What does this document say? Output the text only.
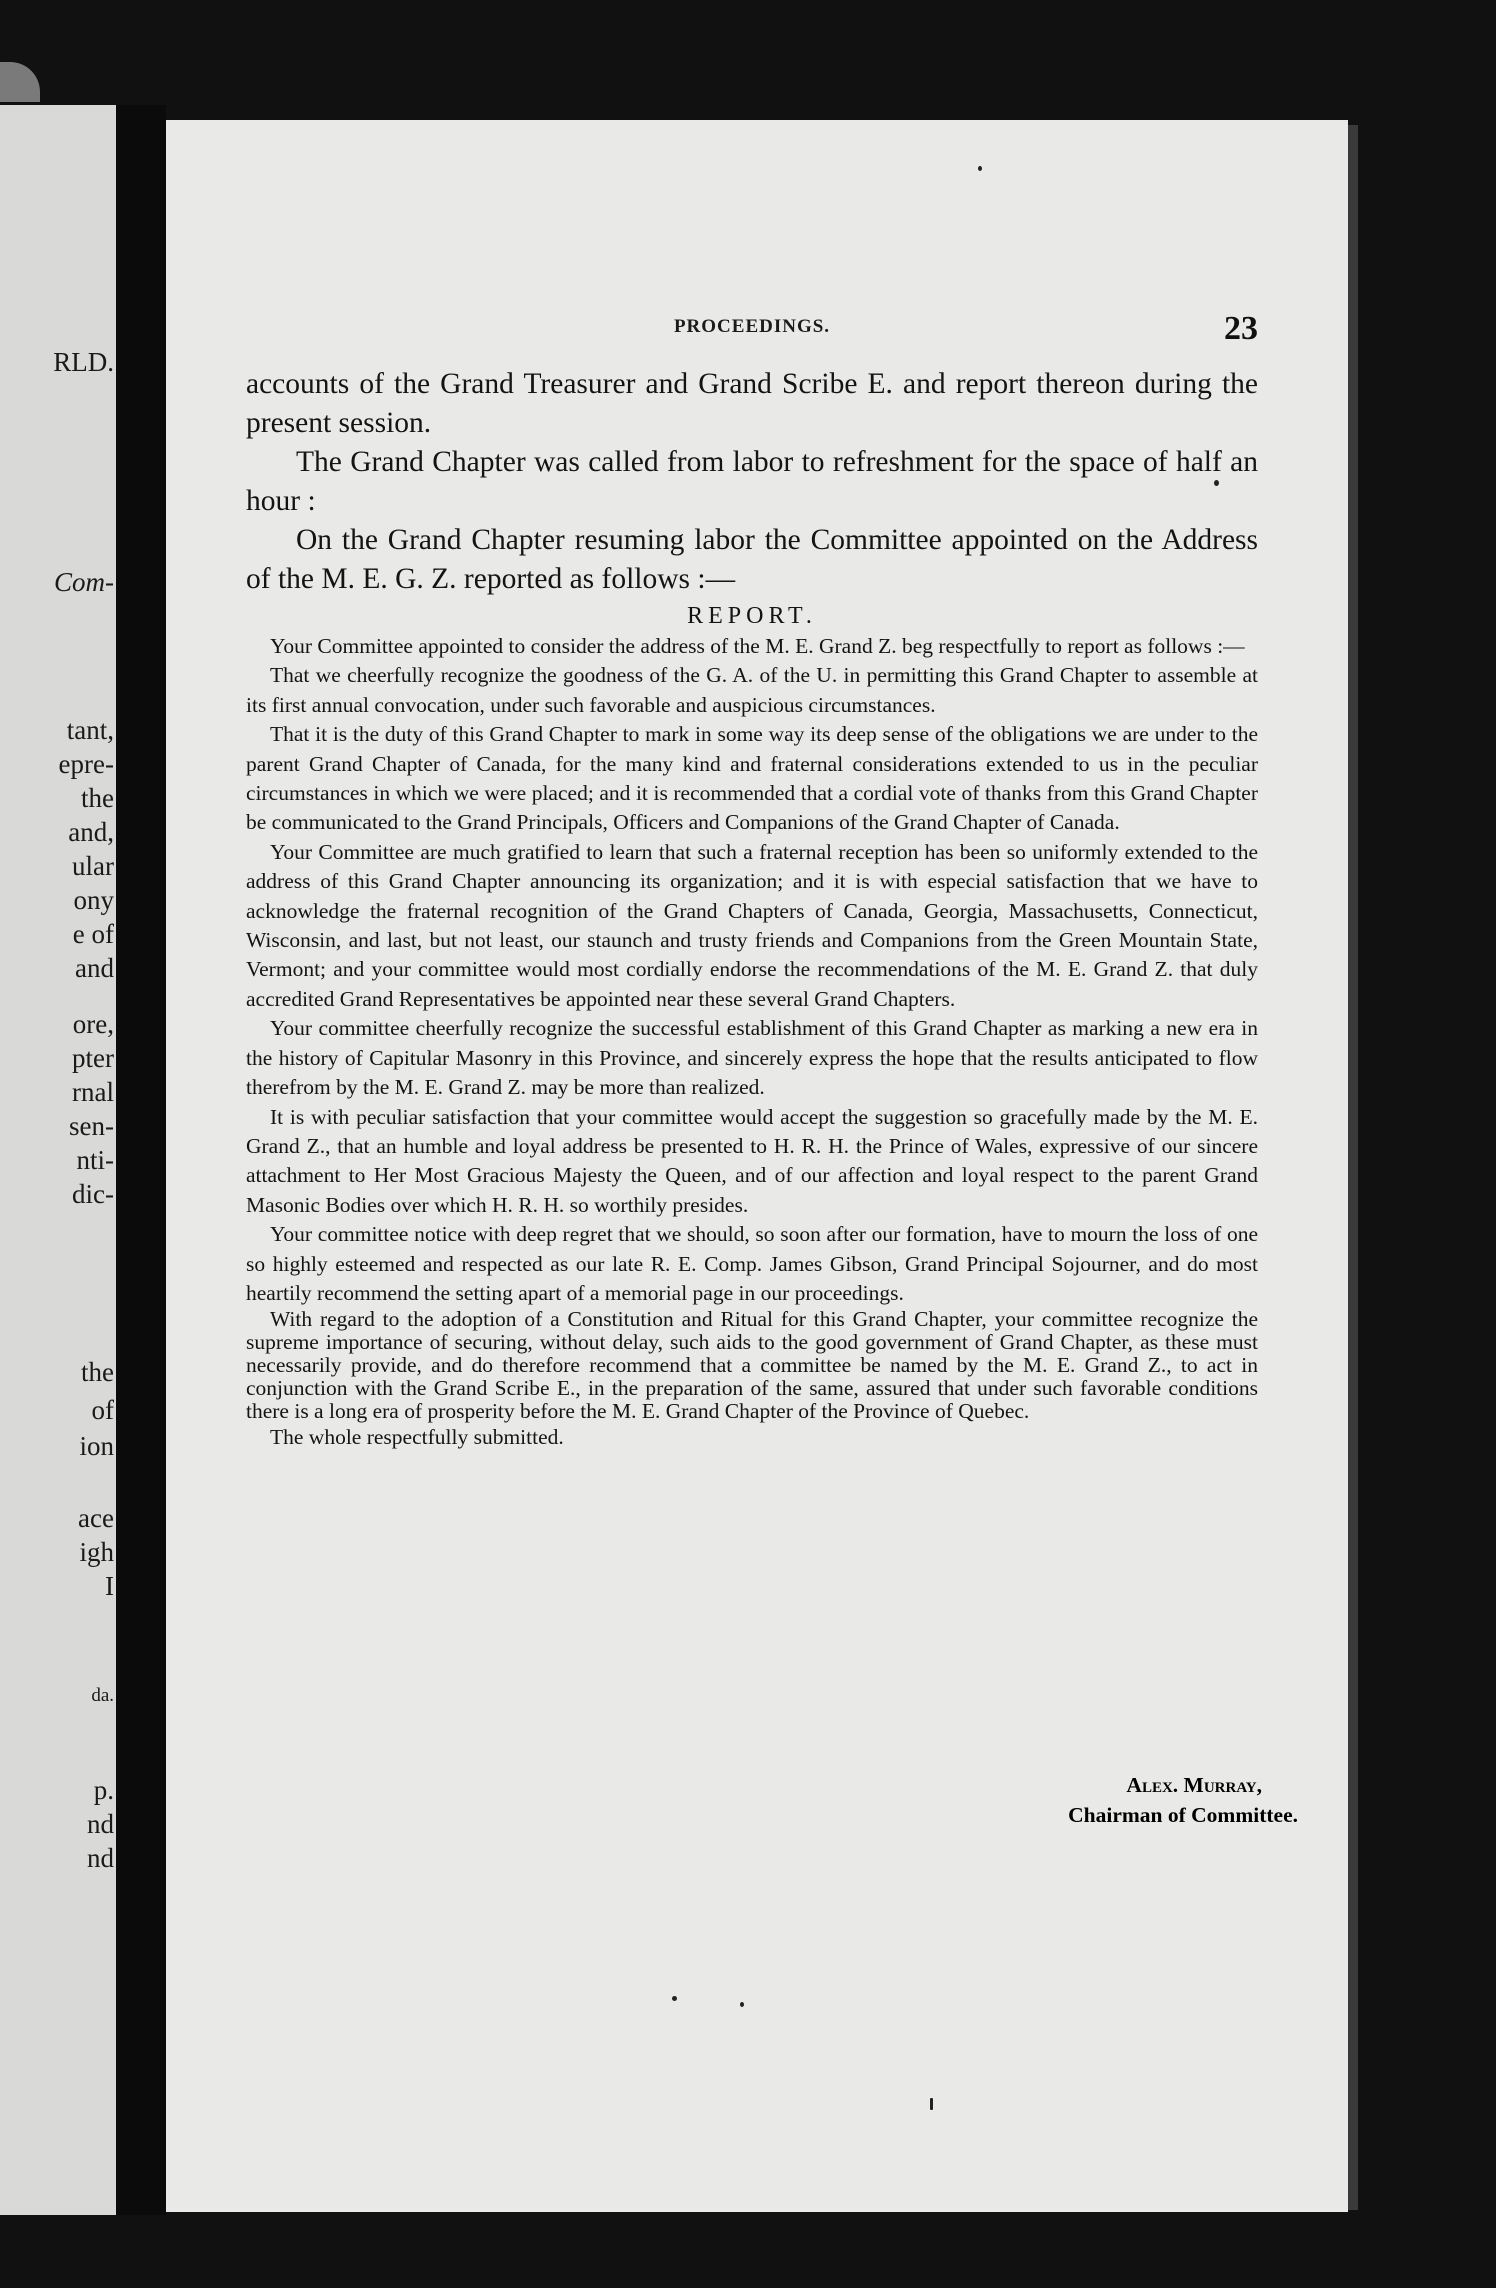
RLD.
Com-
tant,
epre-
the
and,
ular
ony
e of
and
ore,
pter
rnal
sen-
nti-
dic-
the
of
ion
ace
igh
I
da.
p.
nd
nd
PROCEEDINGS.	23

accounts of the Grand Treasurer and Grand Scribe E. and report thereon during the present session.

The Grand Chapter was called from labor to refreshment for the space of half an hour :

On the Grand Chapter resuming labor the Committee appointed on the Address of the M. E. G. Z. reported as follows :—

REPORT.

Your Committee appointed to consider the address of the M. E. Grand Z. beg respectfully to report as follows :—

That we cheerfully recognize the goodness of the G. A. of the U. in permitting this Grand Chapter to assemble at its first annual convocation, under such favorable and auspicious circumstances.

That it is the duty of this Grand Chapter to mark in some way its deep sense of the obligations we are under to the parent Grand Chapter of Canada, for the many kind and fraternal considerations extended to us in the peculiar circumstances in which we were placed; and it is recommended that a cordial vote of thanks from this Grand Chapter be communicated to the Grand Principals, Officers and Companions of the Grand Chapter of Canada.

Your Committee are much gratified to learn that such a fraternal reception has been so uniformly extended to the address of this Grand Chapter announcing its organization; and it is with especial satisfaction that we have to acknowledge the fraternal recognition of the Grand Chapters of Canada, Georgia, Massachusetts, Connecticut, Wisconsin, and last, but not least, our staunch and trusty friends and Companions from the Green Mountain State, Vermont; and your committee would most cordially endorse the recommendations of the M. E. Grand Z. that duly accredited Grand Representatives be appointed near these several Grand Chapters.

Your committee cheerfully recognize the successful establishment of this Grand Chapter as marking a new era in the history of Capitular Masonry in this Province, and sincerely express the hope that the results anticipated to flow therefrom by the M. E. Grand Z. may be more than realized.

It is with peculiar satisfaction that your committee would accept the suggestion so gracefully made by the M. E. Grand Z., that an humble and loyal address be presented to H. R. H. the Prince of Wales, expressive of our sincere attachment to Her Most Gracious Majesty the Queen, and of our affection and loyal respect to the parent Grand Masonic Bodies over which H. R. H. so worthily presides.

Your committee notice with deep regret that we should, so soon after our formation, have to mourn the loss of one so highly esteemed and respected as our late R. E. Comp. James Gibson, Grand Principal Sojourner, and do most heartily recommend the setting apart of a memorial page in our proceedings.

With regard to the adoption of a Constitution and Ritual for this Grand Chapter, your committee recognize the supreme importance of securing, without delay, such aids to the good government of Grand Chapter, as these must necessarily provide, and do therefore recommend that a committee be named by the M. E. Grand Z., to act in conjunction with the Grand Scribe E., in the preparation of the same, assured that under such favorable conditions there is a long era of prosperity before the M. E. Grand Chapter of the Province of Quebec.

The whole respectfully submitted.

Alex. Murray,
Chairman of Committee.
